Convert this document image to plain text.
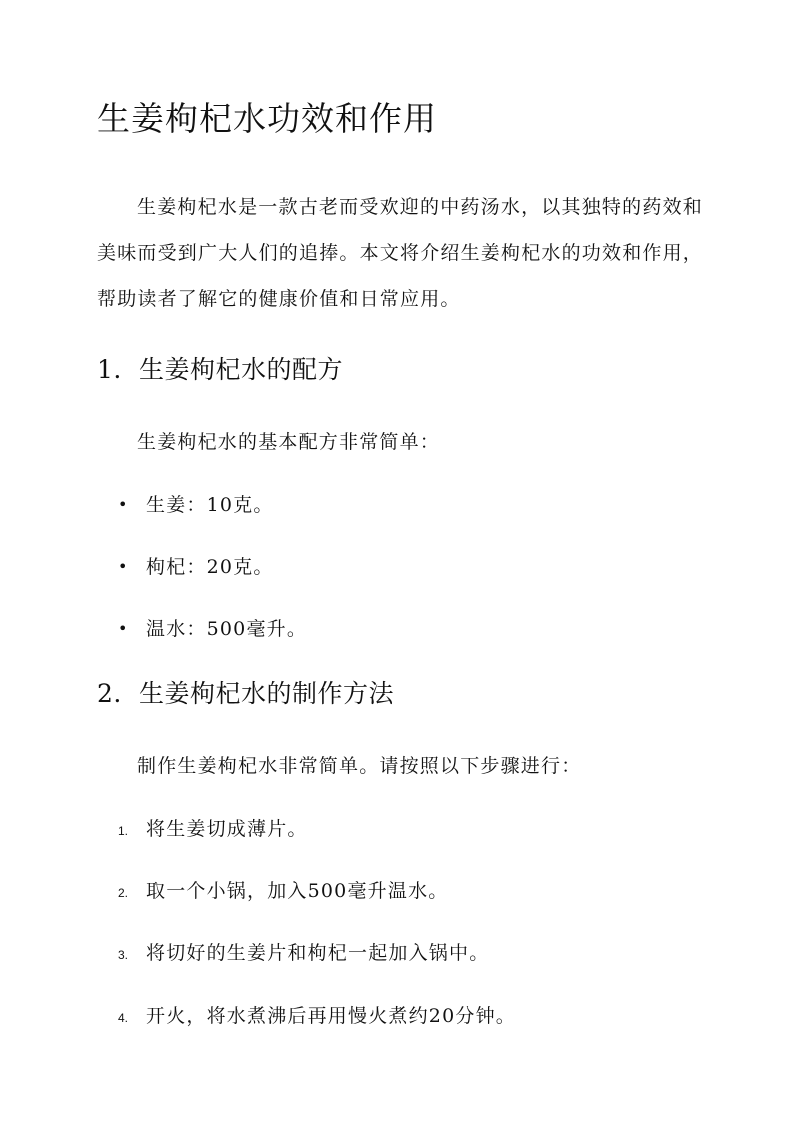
生姜枸杞水功效和作用

生姜枸杞水是一款古老而受欢迎的中药汤水，以其独特的药效和美味而受到广大人们的追捧。本文将介绍生姜枸杞水的功效和作用，帮助读者了解它的健康价值和日常应用。

1. 生姜枸杞水的配方

生姜枸杞水的基本配方非常简单：

• 生姜：10克。

• 枸杞：20克。

• 温水：500毫升。

2. 生姜枸杞水的制作方法

制作生姜枸杞水非常简单。请按照以下步骤进行：

1. 将生姜切成薄片。

2. 取一个小锅，加入500毫升温水。

3. 将切好的生姜片和枸杞一起加入锅中。

4. 开火，将水煮沸后再用慢火煮约20分钟。
